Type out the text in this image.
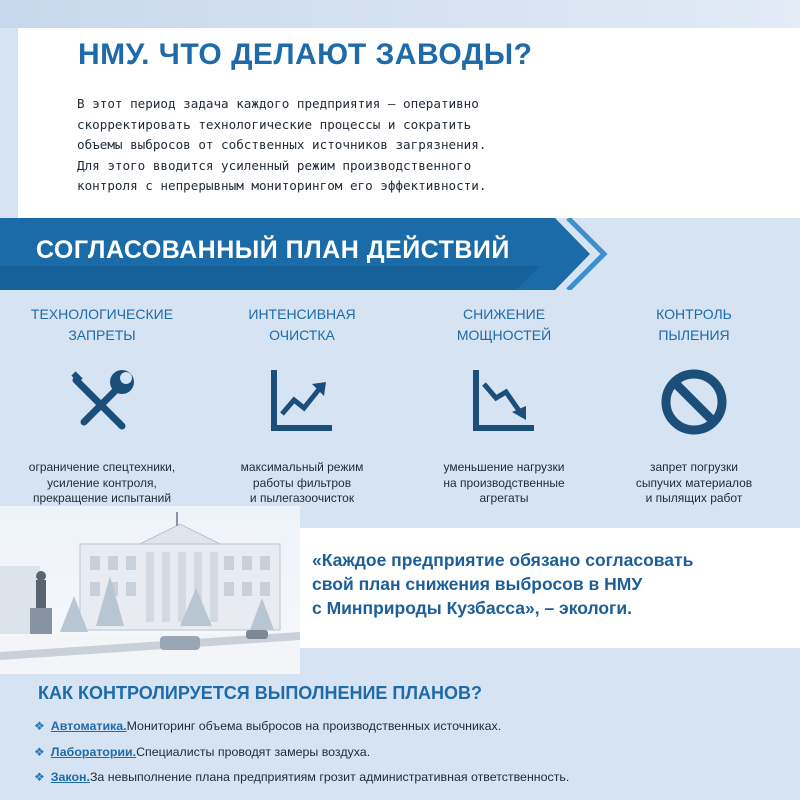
НМУ. ЧТО ДЕЛАЮТ ЗАВОДЫ?

В этот период задача каждого предприятия — оперативно
скорректировать технологические процессы и сократить
объемы выбросов от собственных источников загрязнения.
Для этого вводится усиленный режим производственного
контроля с непрерывным мониторингом его эффективности.

СОГЛАСОВАННЫЙ ПЛАН ДЕЙСТВИЙ

ТЕХНОЛОГИЧЕСКИЕ
ЗАПРЕТЫ

ограничение спецтехники,
усиление контроля,
прекращение испытаний

ИНТЕНСИВНАЯ
ОЧИСТКА

максимальный режим
работы фильтров
и пылегазоочисток

СНИЖЕНИЕ
МОЩНОСТЕЙ

уменьшение нагрузки
на производственные
агрегаты

КОНТРОЛЬ
ПЫЛЕНИЯ

запрет погрузки
сыпучих материалов
и пылящих работ

«Каждое предприятие обязано согласовать
свой план снижения выбросов в НМУ
с Минприроды Кузбасса», – экологи.

КАК КОНТРОЛИРУЕТСЯ ВЫПОЛНЕНИЕ ПЛАНОВ?
❖ Автоматика.Мониторинг объема выбросов на производственных источниках.
❖ Лаборатории.Специалисты проводят замеры воздуха.
❖ Закон.За невыполнение плана предприятиям грозит административная ответственность.
